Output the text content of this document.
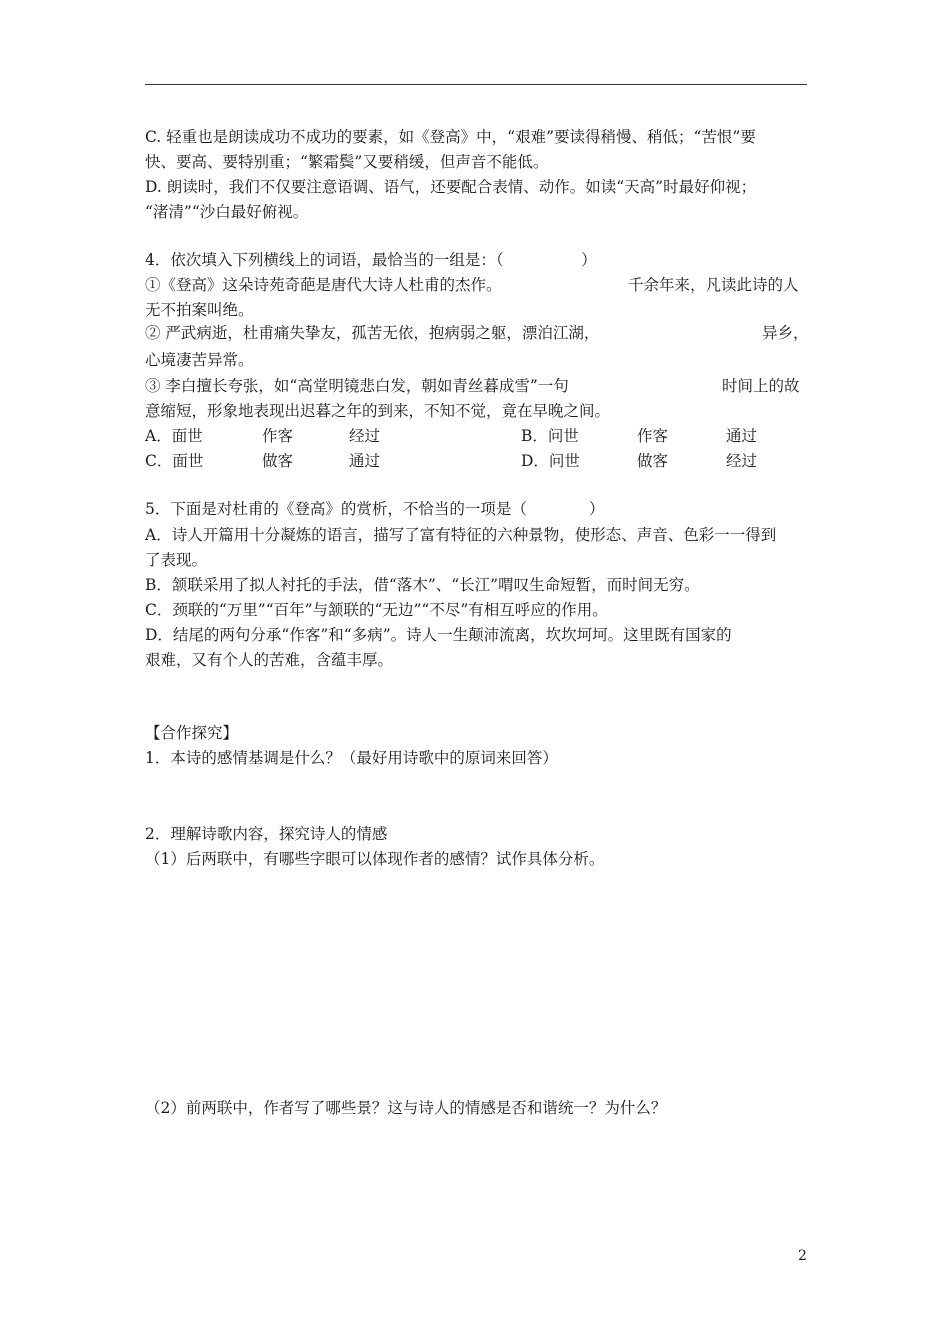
C. 轻重也是朗读成功不成功的要素，如《登高》中，“艰难”要读得稍慢、稍低；“苦恨”要
快、要高、要特别重；“繁霜鬓”又要稍缓，但声音不能低。
D. 朗读时，我们不仅要注意语调、语气，还要配合表情、动作。如读“天高”时最好仰视；
“渚清”“沙白最好俯视。
4．依次填入下列横线上的词语，最恰当的一组是：（　　　　　）
①《登高》这朵诗苑奇葩是唐代大诗人杜甫的杰作。	千余年来，凡读此诗的人
无不拍案叫绝。
② 严武病逝，杜甫痛失挚友，孤苦无依，抱病弱之躯，漂泊江湖，	异乡，
心境凄苦异常。
③ 李白擅长夸张，如“高堂明镜悲白发，朝如青丝暮成雪”一句	时间上的故
意缩短，形象地表现出迟暮之年的到来，不知不觉，竟在早晚之间。
A．面世	作客	经过	B．问世	作客	通过
C．面世	做客	通过	D．问世	做客	经过
5．下面是对杜甫的《登高》的赏析，不恰当的一项是（　　　　）
A．诗人开篇用十分凝炼的语言，描写了富有特征的六种景物，使形态、声音、色彩一一得到
了表现。
B．颔联采用了拟人衬托的手法，借“落木”、“长江”喟叹生命短暂，而时间无穷。
C．颈联的“万里”“百年”与颔联的“无边”“不尽”有相互呼应的作用。
D．结尾的两句分承“作客”和“多病”。诗人一生颠沛流离，坎坎坷坷。这里既有国家的
艰难，又有个人的苦难，含蕴丰厚。
【合作探究】
1．本诗的感情基调是什么？（最好用诗歌中的原词来回答）
2．理解诗歌内容，探究诗人的情感
（1）后两联中，有哪些字眼可以体现作者的感情？试作具体分析。
（2）前两联中，作者写了哪些景？这与诗人的情感是否和谐统一？为什么？
2
